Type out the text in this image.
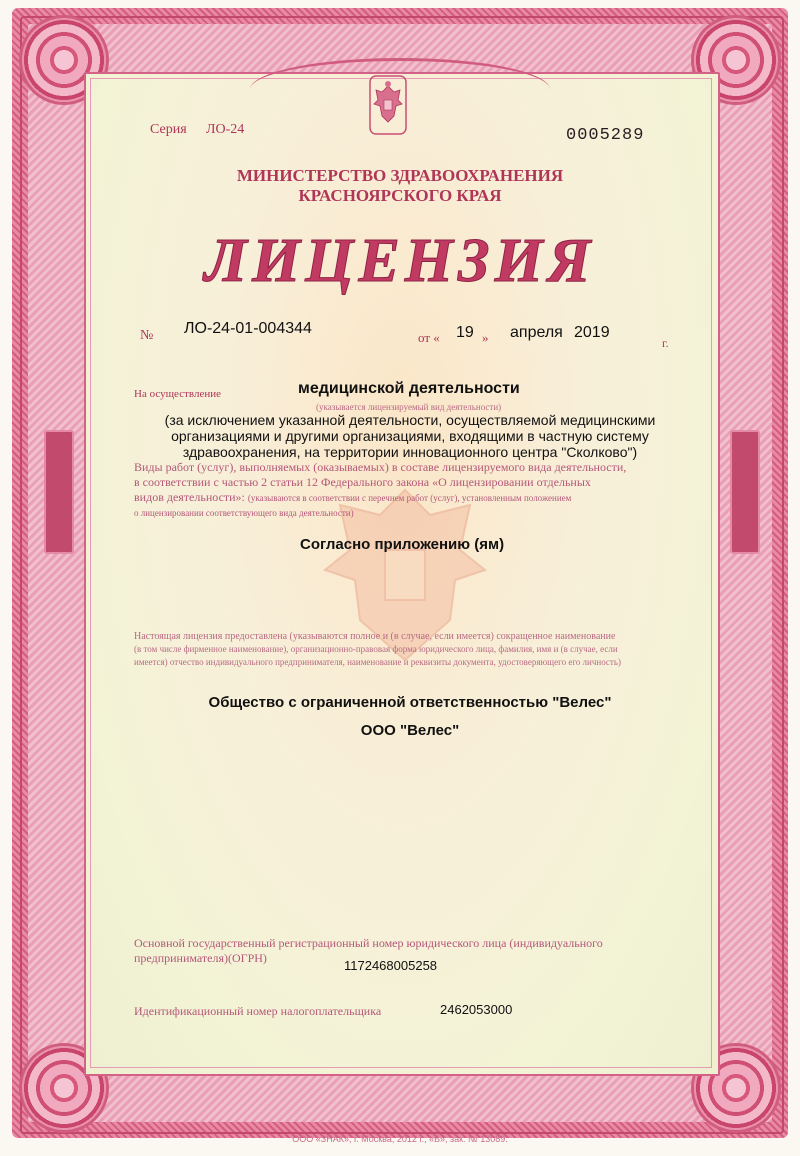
Серия ЛО-24	0005289
МИНИСТЕРСТВО ЗДРАВООХРАНЕНИЯ
КРАСНОЯРСКОГО КРАЯ
ЛИЦЕНЗИЯ
№ ЛО-24-01-004344
от « 19 » апреля 2019
г.
На осуществление	медицинской деятельности
(указывается лицензируемый вид деятельности)
(за исключением указанной деятельности, осуществляемой медицинскими
организациями и другими организациями, входящими в частную систему
здравоохранения, на территории инновационного центра "Сколково")
Виды работ (услуг), выполняемых (оказываемых) в составе лицензируемого вида деятельности,
в соответствии с частью 2 статьи 12 Федерального закона «О лицензировании отдельных
видов деятельности»: (указываются в соответствии с перечнем работ (услуг), установленным положением
о лицензировании соответствующего вида деятельности)
Согласно приложению (ям)
Настоящая лицензия предоставлена (указываются полное и (в случае, если имеется) сокращенное наименование
(в том числе фирменное наименование), организационно-правовая форма юридического лица, фамилия, имя и (в случае, если
имеется) отчество индивидуального предпринимателя, наименование и реквизиты документа, удостоверяющего его личность)
Общество с ограниченной ответственностью "Велес"
ООО "Велес"
Основной государственный регистрационный номер юридического лица (индивидуального
предпринимателя)(ОГРН)	1172468005258
Идентификационный номер налогоплательщика	2462053000
ООО «ЗНАК», г. Москва, 2012 г., «Б», зак. № 13089.
